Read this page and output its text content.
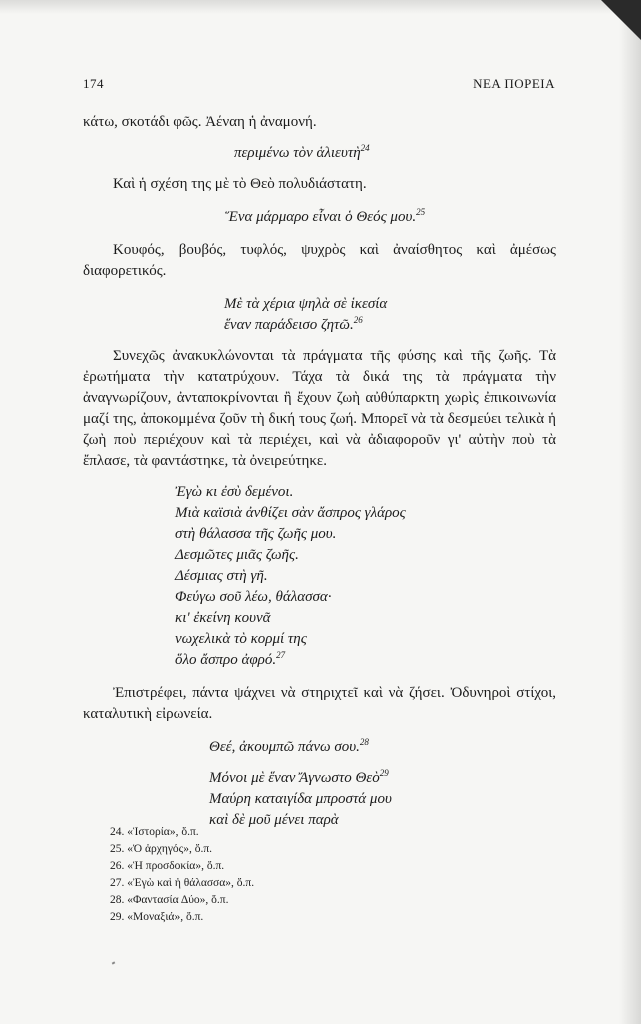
174	ΝΕΑ ΠΟΡΕΙΑ

κάτω, σκοτάδι φῶς. Ἀέναη ἡ ἀναμονή.

περιμένω τὸν ἁλιευτὴ$^{24}$

Καὶ ἡ σχέση της μὲ τὸ Θεὸ πολυδιάστατη.

Ἕνα μάρμαρο εἶναι ὁ Θεός μου.$^{25}$

Κουφός, βουβός, τυφλός, ψυχρὸς καὶ ἀναίσθητος καὶ ἀμέσως διαφορετικός.

Μὲ τὰ χέρια ψηλὰ σὲ ἱκεσία
ἕναν παράδεισο ζητῶ.$^{26}$

Συνεχῶς ἀνακυκλώνονται τὰ πράγματα τῆς φύσης καὶ τῆς ζωῆς. Τὰ ἐρωτήματα τὴν κατατρύχουν. Τάχα τὰ δικά της τὰ πράγματα τὴν ἀναγνωρίζουν, ἀνταποκρίνονται ἢ ἔχουν ζωὴ αὐθύπαρκτη χωρὶς ἐπικοινωνία μαζί της, ἀποκομμένα ζοῦν τὴ δική τους ζωή. Μπορεῖ νὰ τὰ δεσμεύει τελικὰ ἡ ζωὴ ποὺ περιέχουν καὶ τὰ περιέχει, καὶ νὰ ἀδιαφοροῦν γι' αὐτὴν ποὺ τὰ ἔπλασε, τὰ φαντάστηκε, τὰ ὀνειρεύτηκε.

Ἐγὼ κι ἐσὺ δεμένοι.
Μιὰ καϊσιὰ ἀνθίζει σὰν ἄσπρος γλάρος
στὴ θάλασσα τῆς ζωῆς μου.
Δεσμῶτες μιᾶς ζωῆς.
Δέσμιας στὴ γῆ.
Φεύγω σοῦ λέω, θάλασσα·
κι' ἐκείνη κουνᾶ
νωχελικὰ τὸ κορμί της
ὅλο ἄσπρο ἀφρό.$^{27}$

Ἐπιστρέφει, πάντα ψάχνει νὰ στηριχτεῖ καὶ νὰ ζήσει. Ὀδυνηροὶ στίχοι, καταλυτικὴ εἰρωνεία.

Θεέ, ἀκουμπῶ πάνω σου.$^{28}$

Μόνοι μὲ ἕναν Ἄγνωστο Θεὸ$^{29}$
Μαύρη καταιγίδα μπροστά μου
καὶ δὲ μοῦ μένει παρὰ
24. «Ἱστορία», ὅ.π.
25. «Ὁ ἀρχηγός», ὅ.π.
26. «Ἡ προσδοκία», ὅ.π.
27. «Ἐγὼ καὶ ἡ θάλασσα», ὅ.π.
28. «Φαντασία Δύο», ὅ.π.
29. «Μοναξιά», ὅ.π.
